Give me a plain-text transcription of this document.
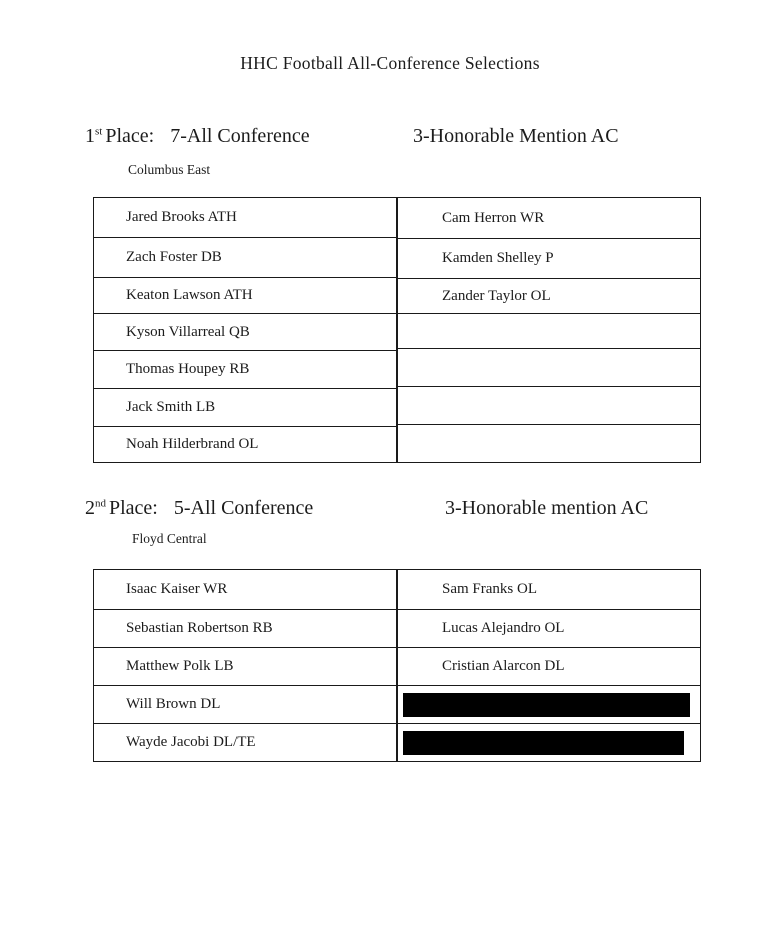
HHC Football All-Conference Selections
1st Place: 7-All Conference	3-Honorable Mention AC
Columbus East
Jared Brooks ATH
Zach Foster DB
Keaton Lawson ATH
Kyson Villarreal QB
Thomas Houpey RB
Jack Smith LB
Noah Hilderbrand OL
Cam Herron WR
Kamden Shelley P
Zander Taylor OL
2nd Place: 5-All Conference	3-Honorable mention AC
Floyd Central
Isaac Kaiser WR
Sebastian Robertson RB
Matthew Polk LB
Will Brown DL
Wayde Jacobi DL/TE
Sam Franks OL
Lucas Alejandro OL
Cristian Alarcon DL
